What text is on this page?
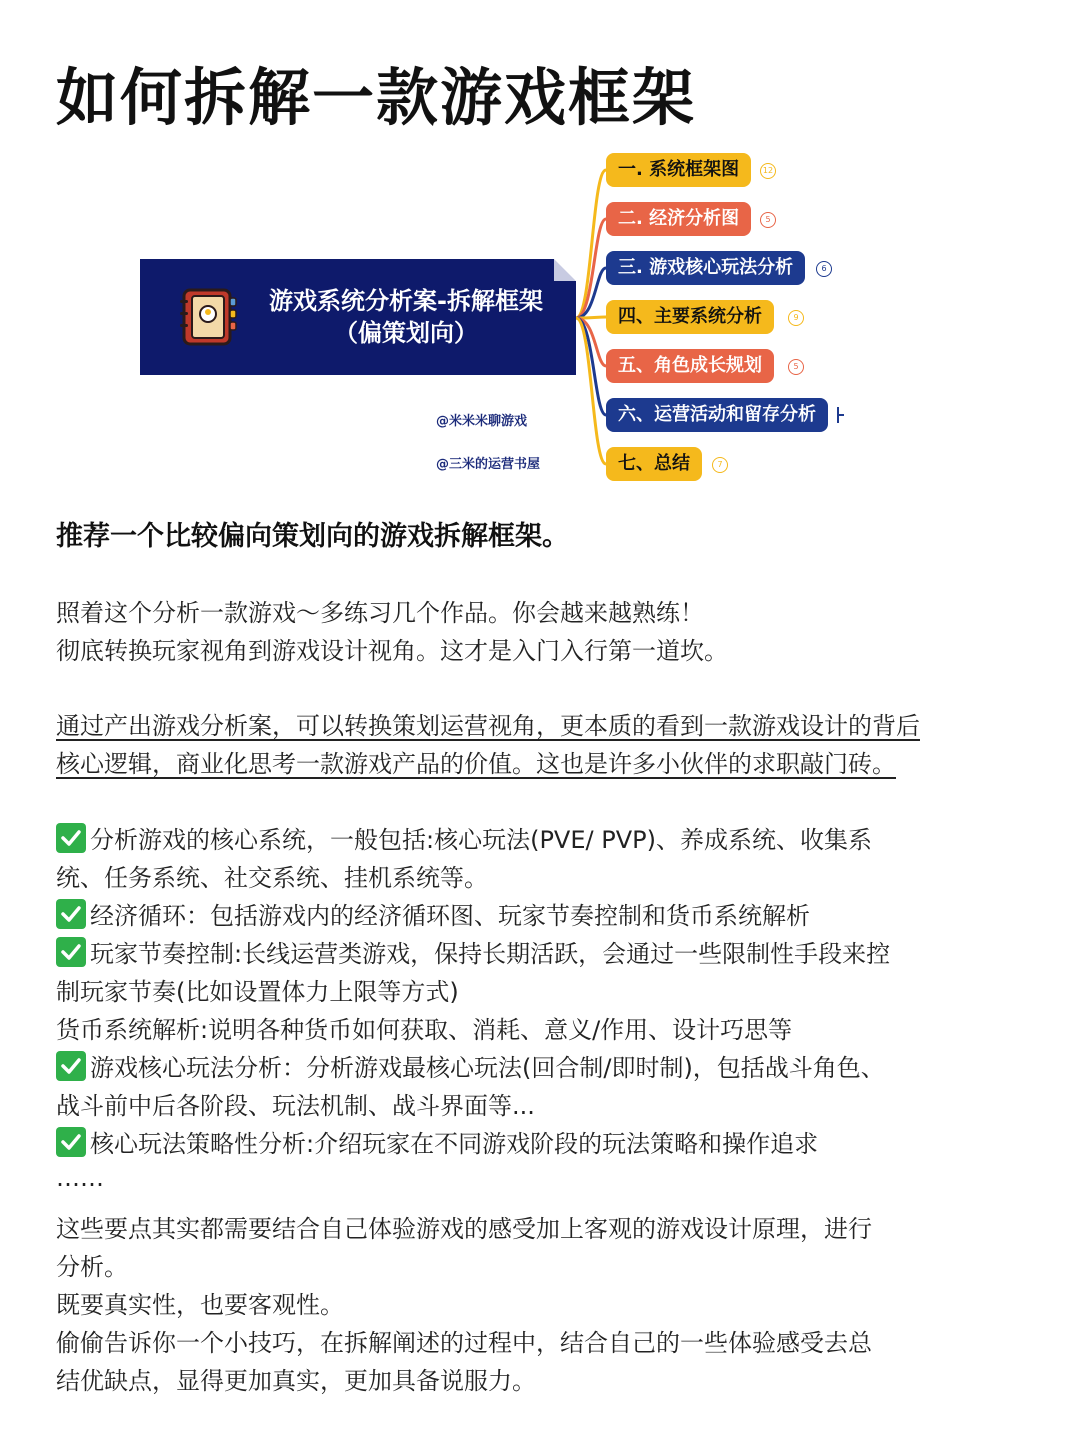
如何拆解一款游戏框架
游戏系统分析案-拆解框架
（偏策划向）
一. 系统框架图	12
二. 经济分析图	5
三. 游戏核心玩法分析	6
四、主要系统分析	9
五、角色成长规划	5
六、运营活动和留存分析
七、总结	7
@米米米聊游戏
@三米的运营书屋
推荐一个比较偏向策划向的游戏拆解框架。

照着这个分析一款游戏～多练习几个作品。你会越来越熟练！

彻底转换玩家视角到游戏设计视角。这才是入门入行第一道坎。

通过产出游戏分析案，可以转换策划运营视角，更本质的看到一款游戏设计的背后

核心逻辑，商业化思考一款游戏产品的价值。这也是许多小伙伴的求职敲门砖。

分析游戏的核心系统，一般包括:核心玩法(PVE/ PVP)、养成系统、收集系

统、任务系统、社交系统、挂机系统等。

经济循环：包括游戏内的经济循环图、玩家节奏控制和货币系统解析

玩家节奏控制:长线运营类游戏，保持长期活跃，会通过一些限制性手段来控

制玩家节奏(比如设置体力上限等方式)

货币系统解析:说明各种货币如何获取、消耗、意义/作用、设计巧思等

游戏核心玩法分析：分析游戏最核心玩法(回合制/即时制)，包括战斗角色、

战斗前中后各阶段、玩法机制、战斗界面等...

核心玩法策略性分析:介绍玩家在不同游戏阶段的玩法策略和操作追求

……

这些要点其实都需要结合自己体验游戏的感受加上客观的游戏设计原理，进行

分析。

既要真实性，也要客观性。

偷偷告诉你一个小技巧，在拆解阐述的过程中，结合自己的一些体验感受去总

结优缺点，显得更加真实，更加具备说服力。
